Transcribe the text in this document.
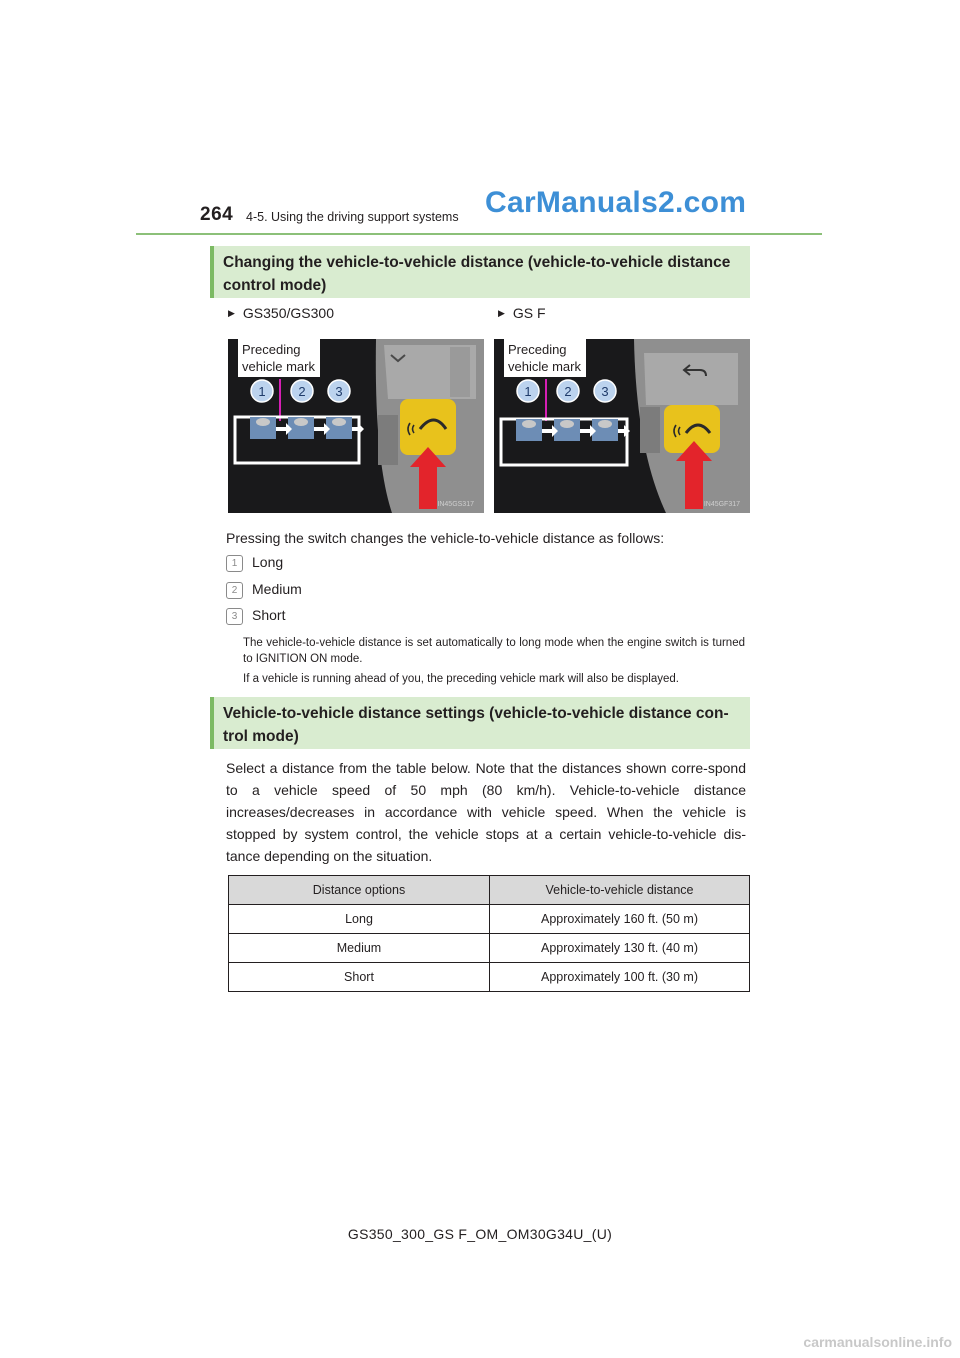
264 4-5. Using the driving support systems CarManuals2.com
Changing the vehicle-to-vehicle distance (vehicle-to-vehicle distance control mode)
▶ GS350/GS300	▶ GS F
1	2 3
Preceding
vehicle mark
IN45GS317
1	2 3
Preceding
vehicle mark
IN45GF317
Pressing the switch changes the vehicle-to-vehicle distance as follows:
1 Long
2 Medium
3 Short
The vehicle-to-vehicle distance is set automatically to long mode when the engine switch is turned to IGNITION ON mode.
If a vehicle is running ahead of you, the preceding vehicle mark will also be displayed.
Vehicle-to-vehicle distance settings (vehicle-to-vehicle distance con-trol mode)
Select a distance from the table below. Note that the distances shown corre-spond to a vehicle speed of 50 mph (80 km/h). Vehicle-to-vehicle distance increases/decreases in accordance with vehicle speed. When the vehicle is stopped by system control, the vehicle stops at a certain vehicle-to-vehicle dis-tance depending on the situation.
Distance options	Vehicle-to-vehicle distance
Long	Approximately 160 ft. (50 m)
Medium	Approximately 130 ft. (40 m)
Short	Approximately 100 ft. (30 m)
GS350_300_GS F_OM_OM30G34U_(U)
carmanualsonline.info
